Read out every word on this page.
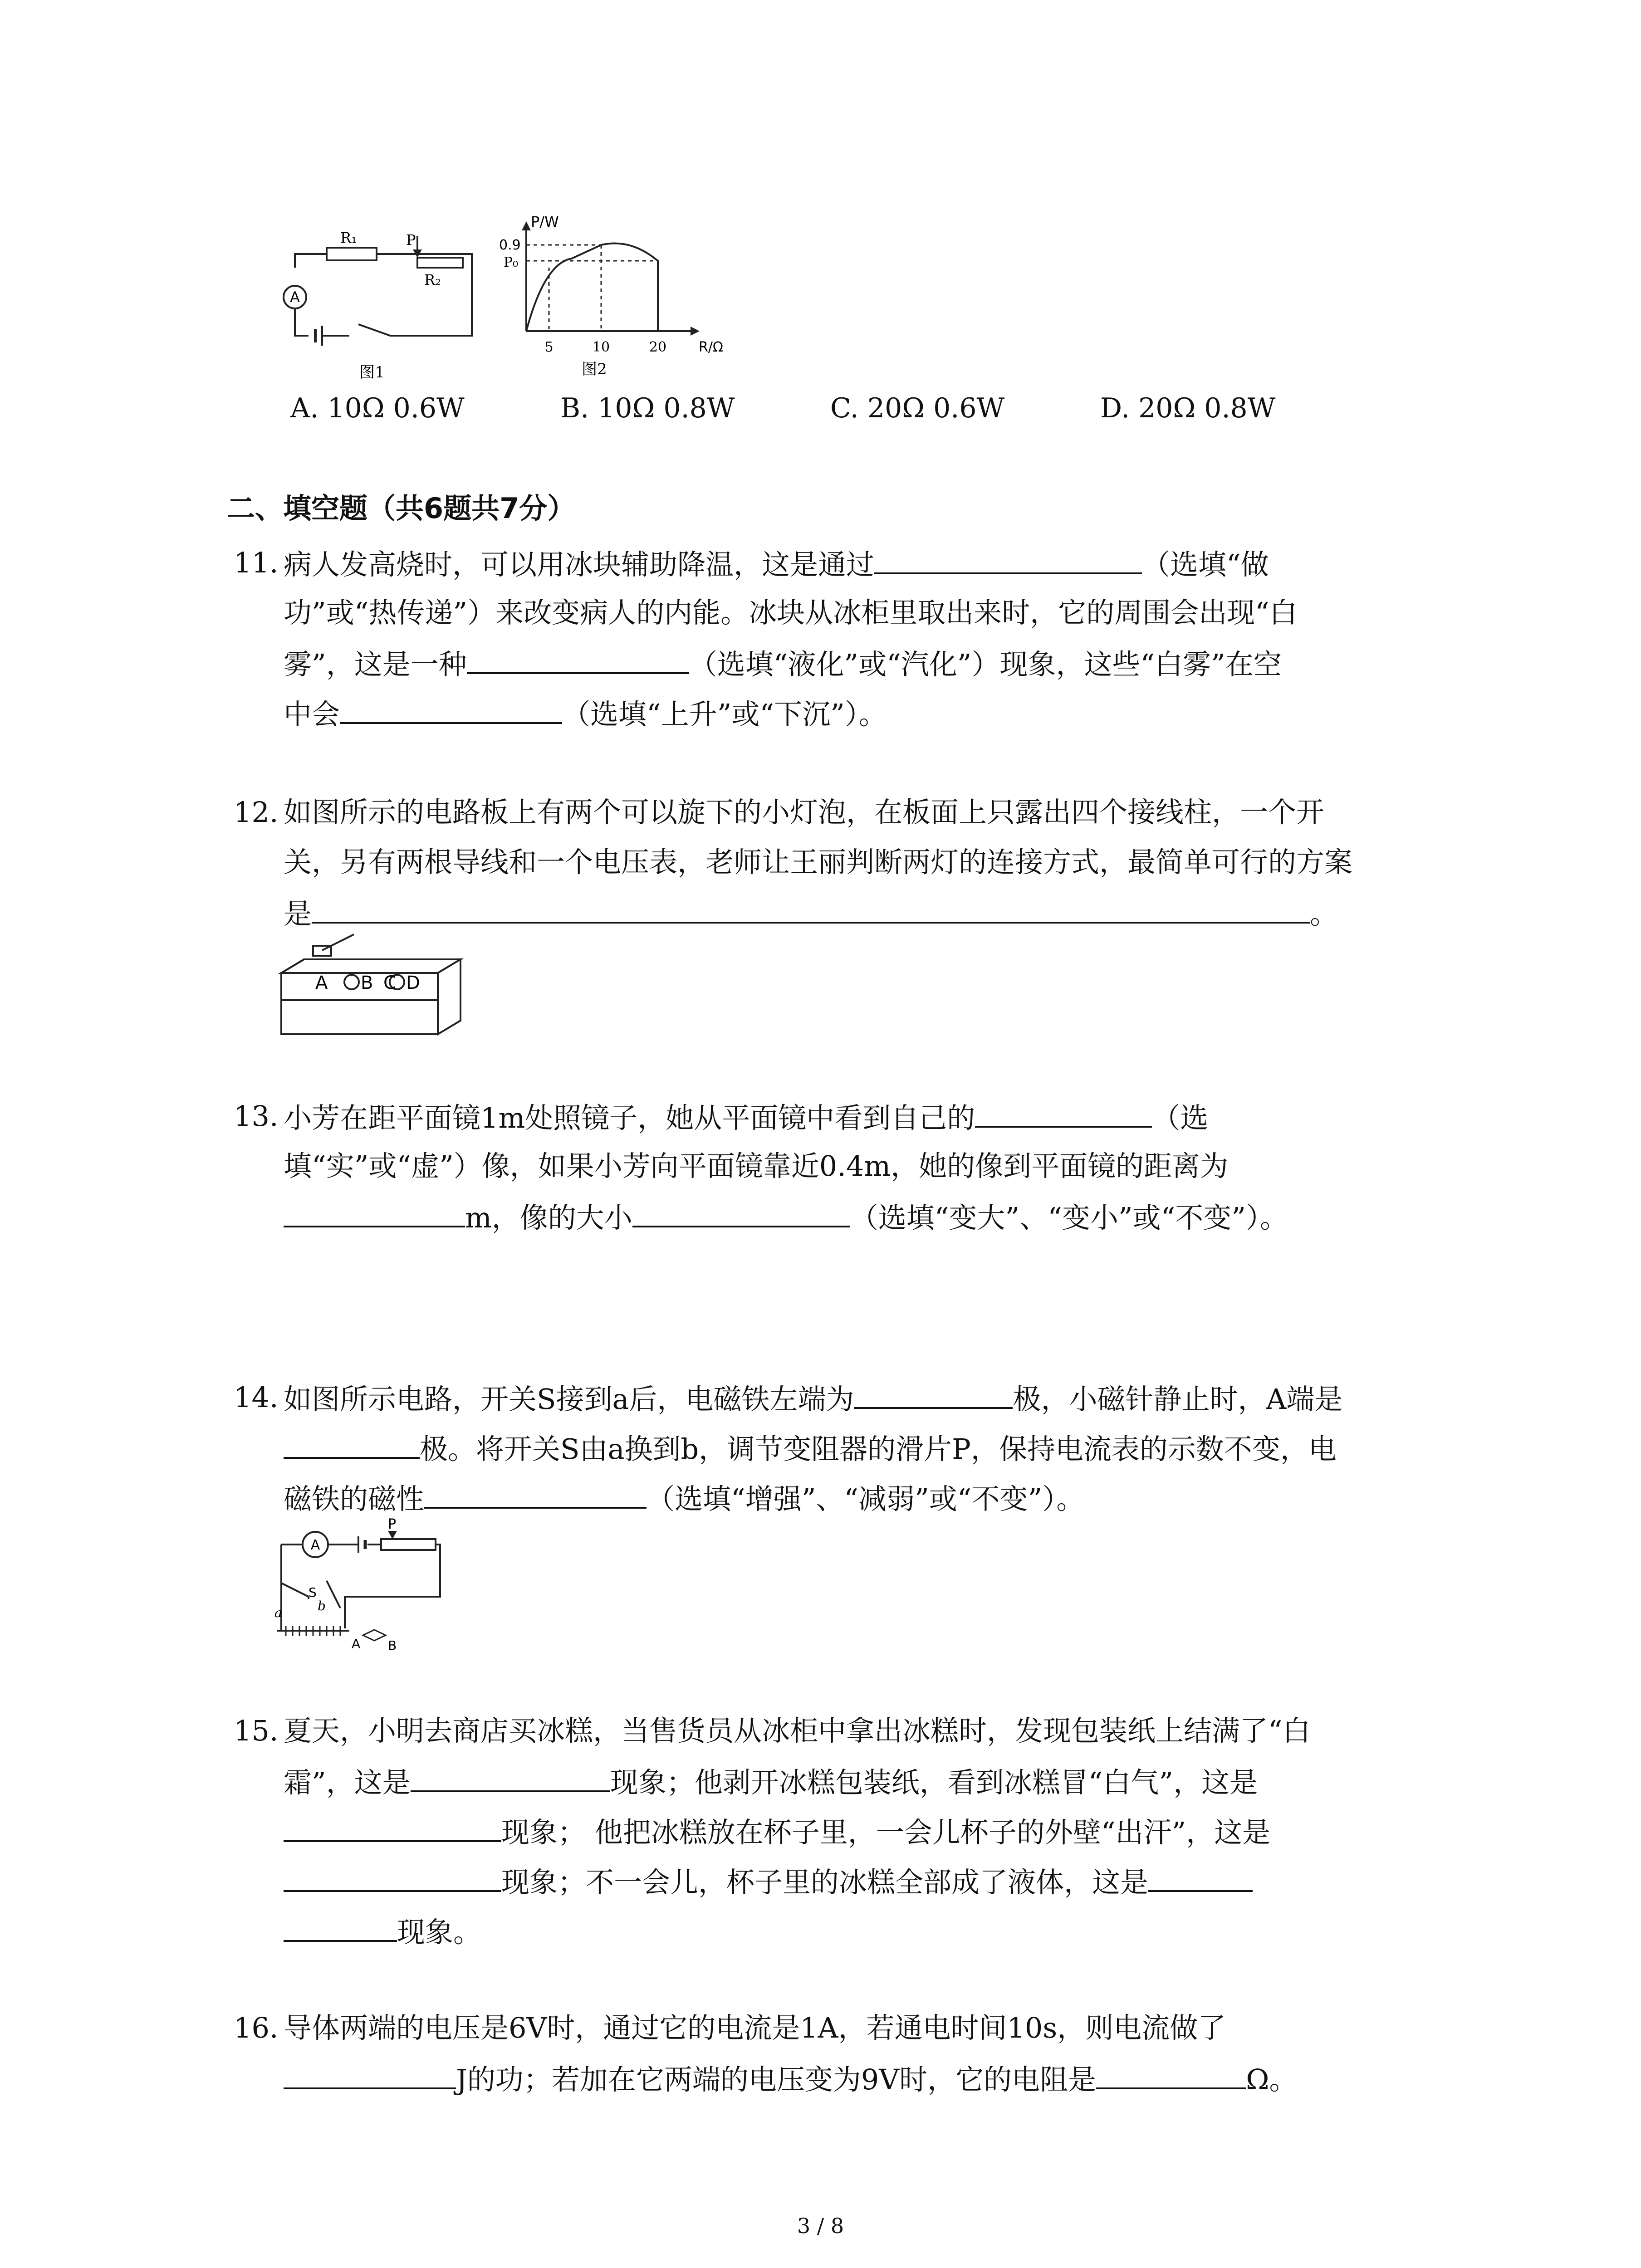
A
R₁	P
R₂
图1
P/W
0.9
P₀
5	10	20 R/Ω
图2
A. 10Ω 0.6W	B. 10Ω 0.8W	C. 20Ω 0.6W	D. 20Ω 0.8W
二、填空题（共6题共7分）
11. 病人发高烧时，可以用冰块辅助降温，这是通过	（选填“做
功”或“热传递”）来改变病人的内能。冰块从冰柜里取出来时，它的周围会出现“白
雾”，这是一种	（选填“液化”或“汽化”）现象，这些“白雾”在空
中会	（选填“上升”或“下沉”）。
12. 如图所示的电路板上有两个可以旋下的小灯泡，在板面上只露出四个接线柱，一个开
关，另有两根导线和一个电压表，老师让王丽判断两灯的连接方式，最简单可行的方案
是	。
A B C D
13. 小芳在距平面镜1m处照镜子，她从平面镜中看到自己的	（选
填“实”或“虚”）像，如果小芳向平面镜靠近0.4m，她的像到平面镜的距离为
m，像的大小	（选填“变大”、“变小”或“不变”）。
14. 如图所示电路，开关S接到a后，电磁铁左端为	极，小磁针静止时，A端是
极。将开关S由a换到b，调节变阻器的滑片P，保持电流表的示数不变，电
磁铁的磁性	（选填“增强”、“减弱”或“不变”）。
A
P
S
a	b
A B
15. 夏天，小明去商店买冰糕，当售货员从冰柜中拿出冰糕时，发现包装纸上结满了“白
霜”，这是	现象；他剥开冰糕包装纸，看到冰糕冒“白气”，这是
现象； 他把冰糕放在杯子里，一会儿杯子的外壁“出汗”，这是
现象；不一会儿，杯子里的冰糕全部成了液体，这是
现象。
16. 导体两端的电压是6V时，通过它的电流是1A，若通电时间10s，则电流做了
J的功；若加在它两端的电压变为9V时，它的电阻是	Ω。
3 / 8
